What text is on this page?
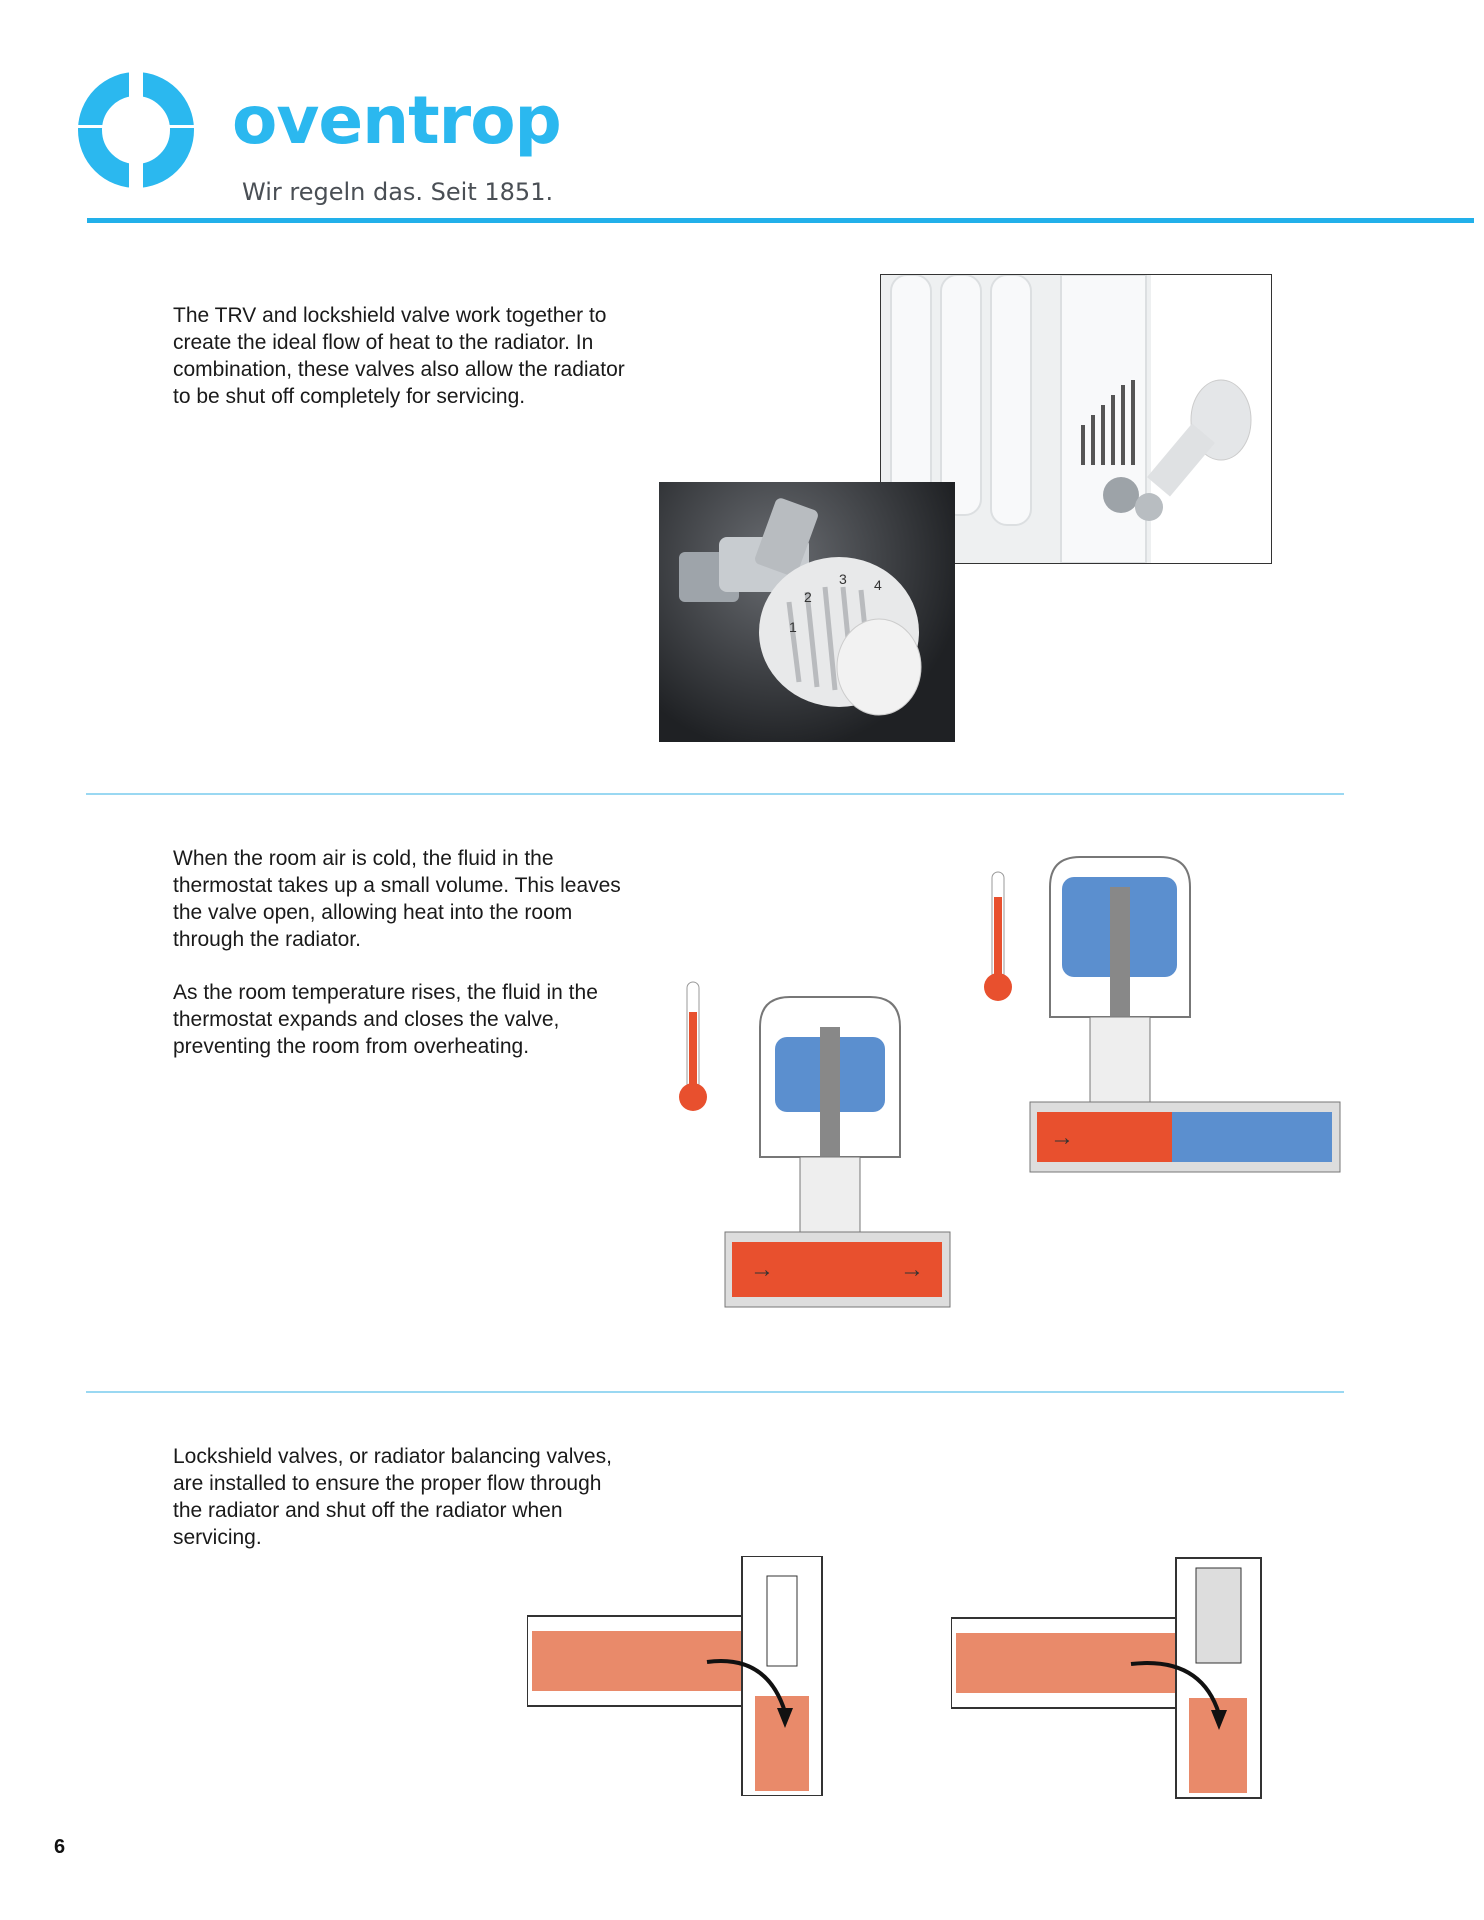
oventrop
Wir regeln das. Seit 1851.

The TRV and lockshield valve work together to create the ideal flow of heat to the radiator. In combination, these valves also allow the radiator to be shut off completely for servicing.

2
3 4
1

When the room air is cold, the fluid in the thermostat takes up a small volume. This leaves the valve open, allowing heat into the room through the radiator.

As the room temperature rises, the fluid in the thermostat expands and closes the valve, preventing the room from overheating.

→	→
→

Lockshield valves, or radiator balancing valves, are installed to ensure the proper flow through the radiator and shut off the radiator when servicing.

6
